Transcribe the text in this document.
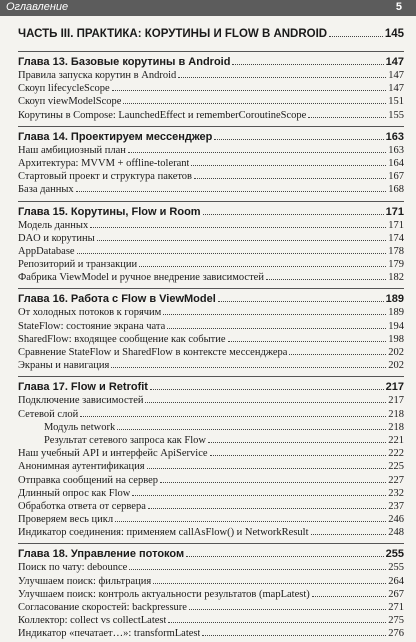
Оглавление	5
ЧАСТЬ III. ПРАКТИКА: КОРУТИНЫ И FLOW В ANDROID	145
Глава 13. Базовые корутины в Android	147
Правила запуска корутин в Android	147
Скоуп lifecycleScope	147
Скоуп viewModelScope	151
Корутины в Compose: LaunchedEffect и rememberCoroutineScope	155
Глава 14. Проектируем мессенджер	163
Наш амбициозный план	163
Архитектура: MVVM + offline-tolerant	164
Стартовый проект и структура пакетов	167
База данных	168
Глава 15. Корутины, Flow и Room	171
Модель данных	171
DAO и корутины	174
AppDatabase	178
Репозиторий и транзакции	179
Фабрика ViewModel и ручное внедрение зависимостей	182
Глава 16. Работа с Flow в ViewModel	189
От холодных потоков к горячим	189
StateFlow: состояние экрана чата	194
SharedFlow: входящее сообщение как событие	198
Сравнение StateFlow и SharedFlow в контексте мессенджера	202
Экраны и навигация	202
Глава 17. Flow и Retrofit	217
Подключение зависимостей	217
Сетевой слой	218
Модуль network	218
Результат сетевого запроса как Flow	221
Наш учебный API и интерфейс ApiService	222
Анонимная аутентификация	225
Отправка сообщений на сервер	227
Длинный опрос как Flow	232
Обработка ответа от сервера	237
Проверяем весь цикл	246
Индикатор соединения: применяем callAsFlow() и NetworkResult	248
Глава 18. Управление потоком	255
Поиск по чату: debounce	255
Улучшаем поиск: фильтрация	264
Улучшаем поиск: контроль актуальности результатов (mapLatest)	267
Согласование скоростей: backpressure	271
Коллектор: collect vs collectLatest	275
Индикатор «печатает…»: transformLatest	276
